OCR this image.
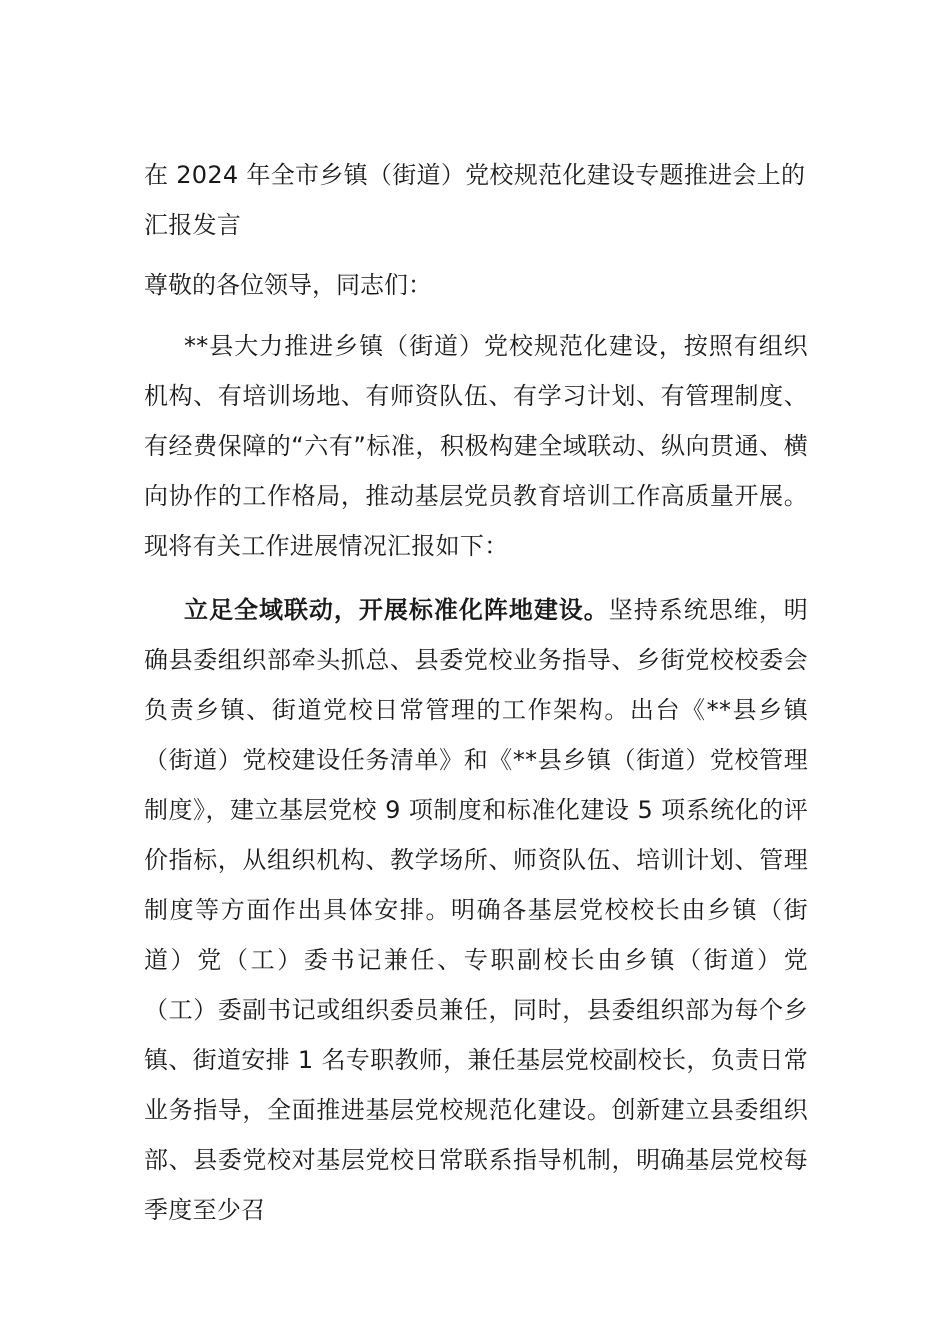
在 2024 年全市乡镇（街道）党校规范化建设专题推进会上的
汇报发言

尊敬的各位领导，同志们：

**县大力推进乡镇（街道）党校规范化建设，按照有组织机构、有培训场地、有师资队伍、有学习计划、有管理制度、有经费保障的“六有”标准，积极构建全域联动、纵向贯通、横向协作的工作格局，推动基层党员教育培训工作高质量开展。现将有关工作进展情况汇报如下：

立足全域联动，开展标准化阵地建设。坚持系统思维，明确县委组织部牵头抓总、县委党校业务指导、乡街党校校委会负责乡镇、街道党校日常管理的工作架构。出台《**县乡镇（街道）党校建设任务清单》和《**县乡镇（街道）党校管理制度》，建立基层党校 9 项制度和标准化建设 5 项系统化的评价指标，从组织机构、教学场所、师资队伍、培训计划、管理制度等方面作出具体安排。明确各基层党校校长由乡镇（街道）党（工）委书记兼任、专职副校长由乡镇（街道）党（工）委副书记或组织委员兼任，同时，县委组织部为每个乡镇、街道安排 1 名专职教师，兼任基层党校副校长，负责日常业务指导，全面推进基层党校规范化建设。创新建立县委组织部、县委党校对基层党校日常联系指导机制，明确基层党校每季度至少召
